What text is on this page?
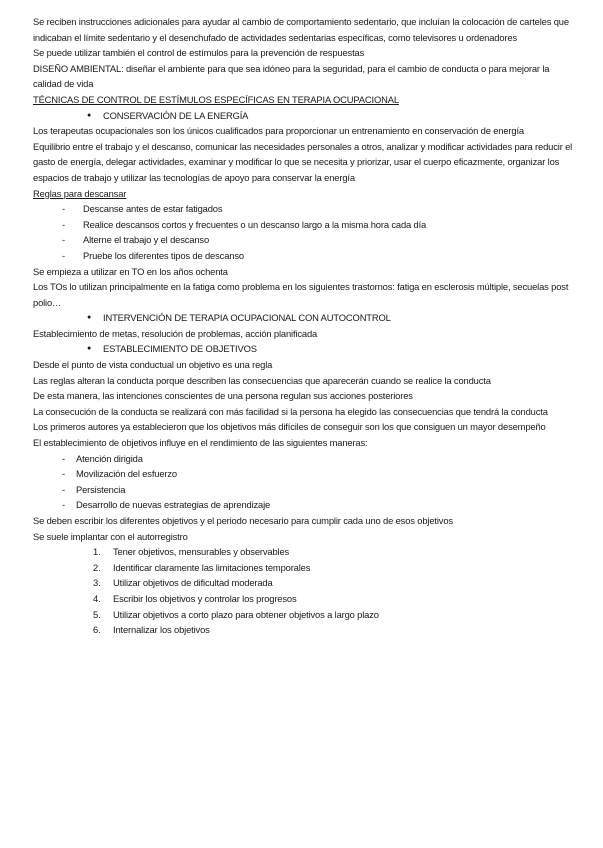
Se reciben instrucciones adicionales para ayudar al cambio de comportamiento sedentario, que incluían la colocación de carteles que indicaban el límite sedentario y el desenchufado de actividades sedentarias específicas, como televisores u ordenadores

Se puede utilizar también el control de estímulos para la prevención de respuestas

DISEÑO AMBIENTAL: diseñar el ambiente para que sea idóneo para la seguridad, para el cambio de conducta o para mejorar la calidad de vida

TÉCNICAS DE CONTROL DE ESTÍMULOS ESPECÍFICAS EN TERAPIA OCUPACIONAL

● CONSERVACIÓN DE LA ENERGÍA

Los terapeutas ocupacionales son los únicos cualificados para proporcionar un entrenamiento en conservación de energía

Equilibrio entre el trabajo y el descanso, comunicar las necesidades personales a otros, analizar y modificar actividades para reducir el gasto de energía, delegar actividades, examinar y modificar lo que se necesita y priorizar, usar el cuerpo eficazmente, organizar los espacios de trabajo y utilizar las tecnologías de apoyo para conservar la energía

Reglas para descansar

- Descanse antes de estar fatigados
- Realice descansos cortos y frecuentes o un descanso largo a la misma hora cada día
- Alterne el trabajo y el descanso
- Pruebe los diferentes tipos de descanso

Se empieza a utilizar en TO en los años ochenta

Los TOs lo utilizan principalmente en la fatiga como problema en los siguientes trastornos: fatiga en esclerosis múltiple, secuelas post polio…

● INTERVENCIÓN DE TERAPIA OCUPACIONAL CON AUTOCONTROL

Establecimiento de metas, resolución de problemas, acción planificada

● ESTABLECIMIENTO DE OBJETIVOS

Desde el punto de vista conductual un objetivo es una regla

Las reglas alteran la conducta porque describen las consecuencias que aparecerán cuando se realice la conducta

De esta manera, las intenciones conscientes de una persona regulan sus acciones posteriores

La consecución de la conducta se realizará con más facilidad si la persona ha elegido las consecuencias que tendrá la conducta

Los primeros autores ya establecieron que los objetivos más difíciles de conseguir son los que consiguen un mayor desempeño

El establecimiento de objetivos influye en el rendimiento de las siguientes maneras:

- Atención dirigida
- Movilización del esfuerzo
- Persistencia
- Desarrollo de nuevas estrategias de aprendizaje

Se deben escribir los diferentes objetivos y el periodo necesario para cumplir cada uno de esos objetivos

Se suele implantar con el autorregistro

1. Tener objetivos, mensurables y observables
2. Identificar claramente las limitaciones temporales
3. Utilizar objetivos de dificultad moderada
4. Escribir los objetivos y controlar los progresos
5. Utilizar objetivos a corto plazo para obtener objetivos a largo plazo
6. Internalizar los objetivos
